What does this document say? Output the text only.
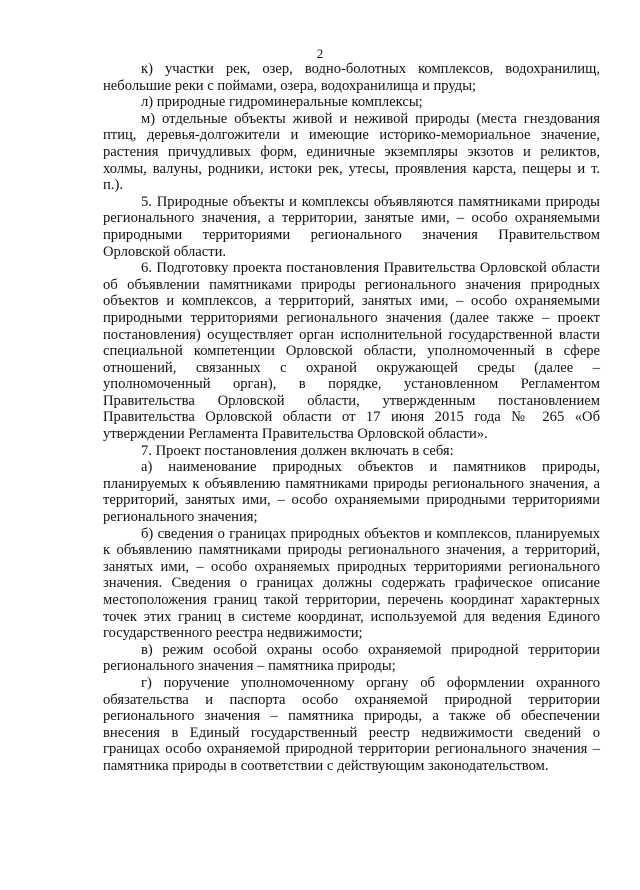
2

к) участки рек, озер, водно-болотных комплексов, водохранилищ, небольшие реки с поймами, озера, водохранилища и пруды;

л) природные гидроминеральные комплексы;

м) отдельные объекты живой и неживой природы (места гнездования птиц, деревья-долгожители и имеющие историко-мемориальное значение, растения причудливых форм, единичные экземпляры экзотов и реликтов, холмы, валуны, родники, истоки рек, утесы, проявления карста, пещеры и т. п.).

5. Природные объекты и комплексы объявляются памятниками природы регионального значения, а территории, занятые ими, – особо охраняемыми природными территориями регионального значения Правительством Орловской области.

6. Подготовку проекта постановления Правительства Орловской области об объявлении памятниками природы регионального значения природных объектов и комплексов, а территорий, занятых ими, – особо охраняемыми природными территориями регионального значения (далее также – проект постановления) осуществляет орган исполнительной государственной власти специальной компетенции Орловской области, уполномоченный в сфере отношений, связанных с охраной окружающей среды (далее – уполномоченный орган), в порядке, установленном Регламентом Правительства Орловской области, утвержденным постановлением Правительства Орловской области от 17 июня 2015 года № 265 «Об утверждении Регламента Правительства Орловской области».

7. Проект постановления должен включать в себя:

а) наименование природных объектов и памятников природы, планируемых к объявлению памятниками природы регионального значения, а территорий, занятых ими, – особо охраняемыми природными территориями регионального значения;

б) сведения о границах природных объектов и комплексов, планируемых к объявлению памятниками природы регионального значения, а территорий, занятых ими, – особо охраняемых природных территориями регионального значения. Сведения о границах должны содержать графическое описание местоположения границ такой территории, перечень координат характерных точек этих границ в системе координат, используемой для ведения Единого государственного реестра недвижимости;

в) режим особой охраны особо охраняемой природной территории регионального значения – памятника природы;

г) поручение уполномоченному органу об оформлении охранного обязательства и паспорта особо охраняемой природной территории регионального значения – памятника природы, а также об обеспечении внесения в Единый государственный реестр недвижимости сведений о границах особо охраняемой природной территории регионального значения – памятника природы в соответствии с действующим законодательством.
